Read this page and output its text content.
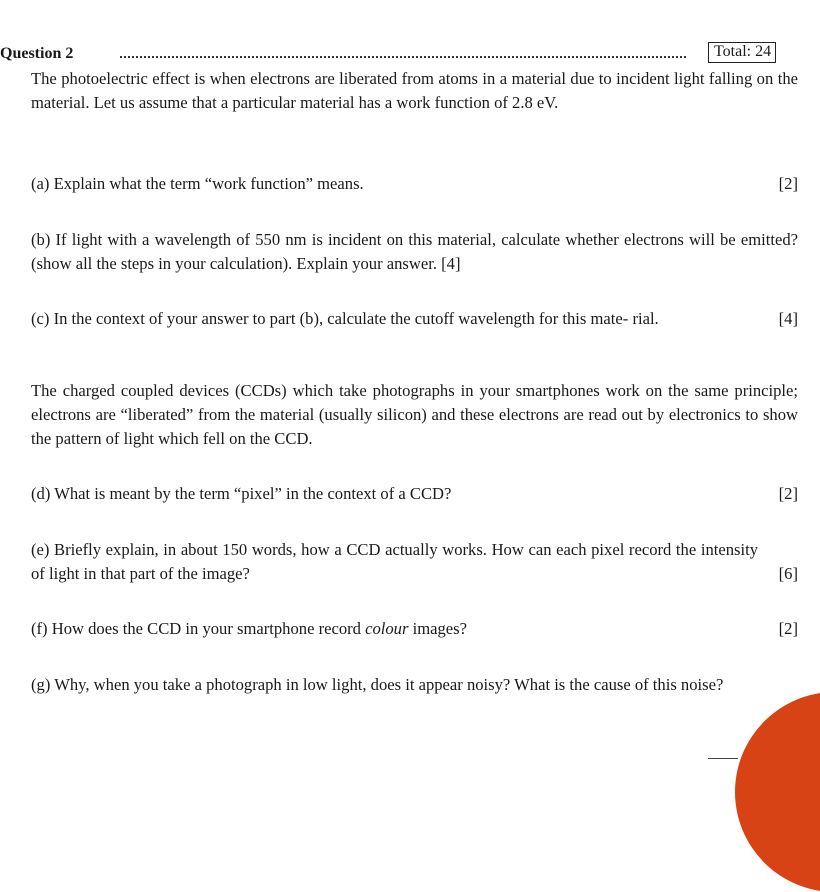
Question 2	Total: 24

The photoelectric effect is when electrons are liberated from atoms in a material due to incident light falling on the material. Let us assume that a particular material has a work function of 2.8 eV.

(a) Explain what the term “work function” means.	[2]
(b) If light with a wavelength of 550 nm is incident on this material, calculate whether electrons will be emitted? (show all the steps in your calculation). Explain your answer. [4]
(c) In the context of your answer to part (b), calculate the cutoff wavelength for this mate- rial.	[4]

The charged coupled devices (CCDs) which take photographs in your smartphones work on the same principle; electrons are “liberated” from the material (usually silicon) and these electrons are read out by electronics to show the pattern of light which fell on the CCD.

(d) What is meant by the term “pixel” in the context of a CCD?	[2]
(e) Briefly explain, in about 150 words, how a CCD actually works. How can each pixel record the intensity of light in that part of the image?	[6]
(f) How does the CCD in your smartphone record colour images?	[2]
(g) Why, when you take a photograph in low light, does it appear noisy? What is the cause of this noise?
